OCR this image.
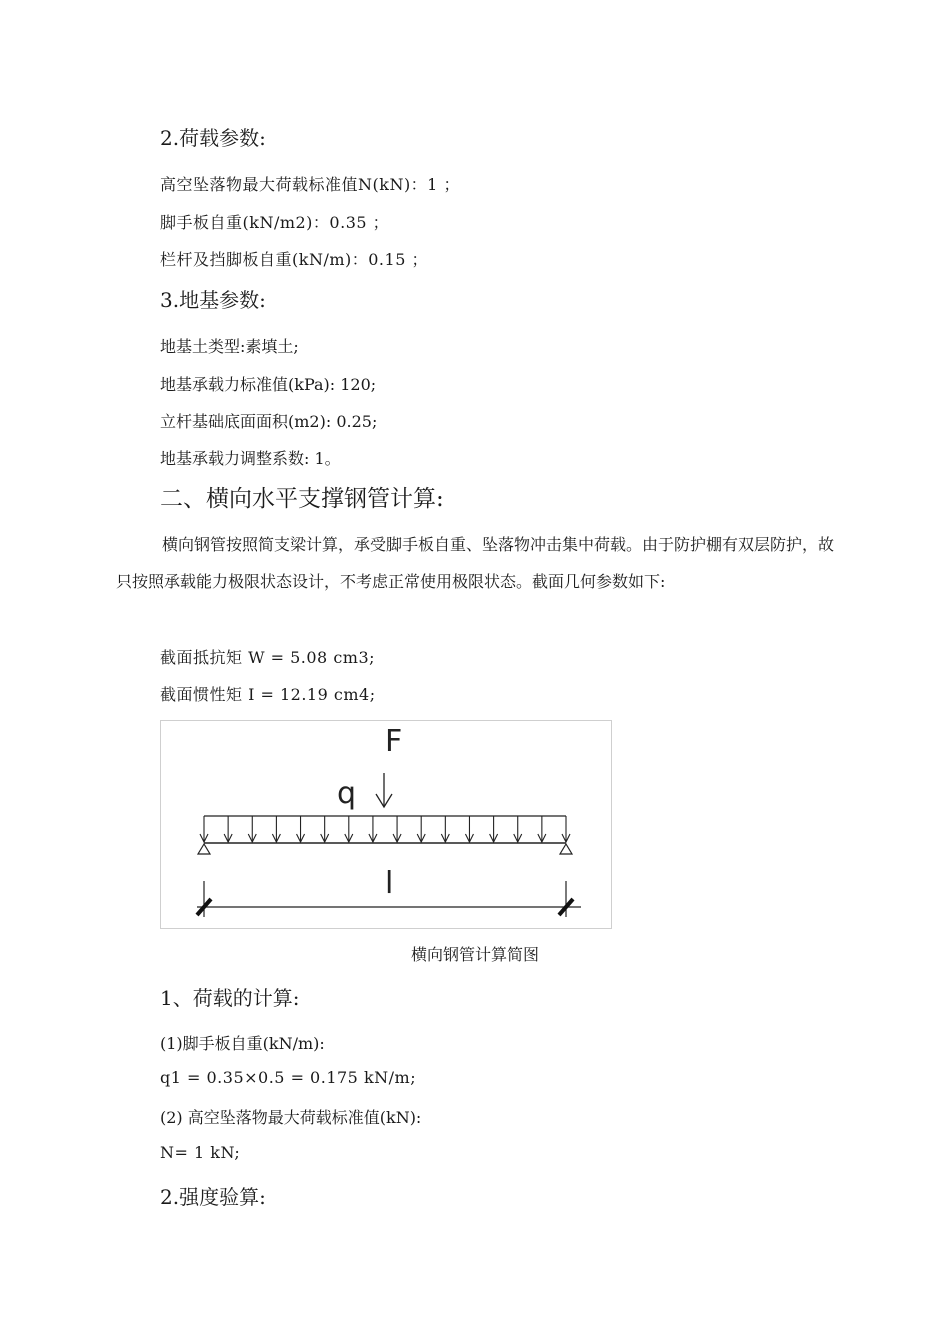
2.荷载参数:
高空坠落物最大荷载标准值N(kN)：1 ；
脚手板自重(kN/m2)：0.35 ；
栏杆及挡脚板自重(kN/m)：0.15 ；
3.地基参数:
地基土类型:素填土;
地基承载力标准值(kPa): 120;
立杆基础底面面积(m2): 0.25;
地基承载力调整系数: 1。
二、横向水平支撑钢管计算:
横向钢管按照简支梁计算，承受脚手板自重、坠落物冲击集中荷载。由于防护棚有双层防护，故只按照承载能力极限状态设计，不考虑正常使用极限状态。截面几何参数如下:
截面抵抗矩 W = 5.08 cm3;
截面惯性矩 I = 12.19 cm4;
F
q
l
横向钢管计算简图
1、荷载的计算:
(1)脚手板自重(kN/m):
q1 = 0.35×0.5 = 0.175 kN/m;
(2) 高空坠落物最大荷载标准值(kN):
N= 1 kN;
2.强度验算:
